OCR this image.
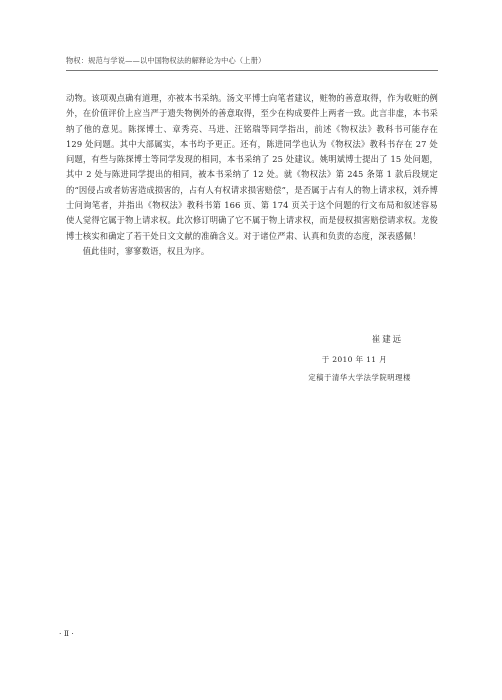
物权：规范与学说——以中国物权法的解释论为中心（上册）

动物。该项观点确有道理，亦被本书采纳。汤文平博士向笔者建议，赃物的善意取得，作为收赃的例外，在价值评价上应当严于遗失物例外的善意取得，至少在构成要件上两者一致。此言非虚，本书采纳了他的意见。陈探博士、章秀亮、马进、汪铭瑞等同学指出，前述《物权法》教科书可能存在 129 处问题。其中大部属实，本书均予更正。还有，陈进同学也认为《物权法》教科书存在 27 处问题，有些与陈探博士等同学发现的相同，本书采纳了 25 处建议。姚明斌博士提出了 15 处问题，其中 2 处与陈进同学提出的相同，被本书采纳了 12 处。就《物权法》第 245 条第 1 款后段规定的“因侵占或者妨害造成损害的，占有人有权请求损害赔偿”，是否属于占有人的物上请求权，刘乔博士问询笔者，并指出《物权法》教科书第 166 页、第 174 页关于这个问题的行文布局和叙述容易使人觉得它属于物上请求权。此次修订明确了它不属于物上请求权，而是侵权损害赔偿请求权。龙俊博士核实和确定了若干处日文文献的准确含义。对于诸位严肃、认真和负责的态度，深表感佩！

值此佳时，寥寥数语，权且为序。

崔建远
于 2010 年 11 月
定稿于清华大学法学院明理楼
· Ⅱ ·
